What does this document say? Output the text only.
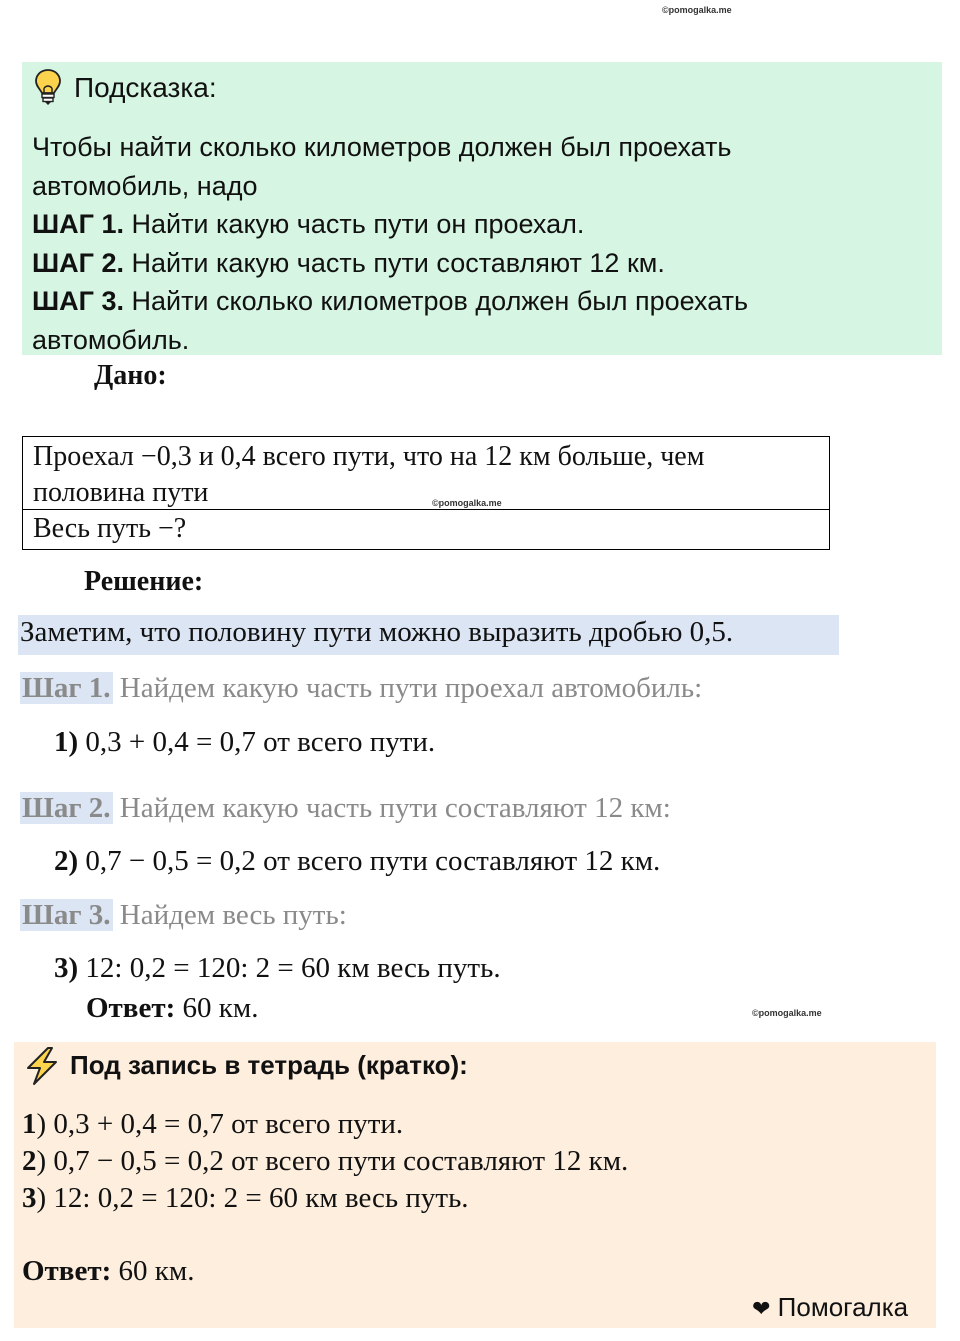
©pomogalka.me
Подсказка:
Чтобы найти сколько километров должен был проехать
автомобиль, надо
ШАГ 1. Найти какую часть пути он проехал.
ШАГ 2. Найти какую часть пути составляют 12 км.
ШАГ 3. Найти сколько километров должен был проехать
автомобиль.
Дано:
Проехал −0,3 и 0,4 всего пути, что на 12 км больше, чем
половина пути
Весь путь −?
©pomogalka.me
Решение:
Заметим, что половину пути можно выразить дробью 0,5.
Шаг 1. Найдем какую часть пути проехал автомобиль:
1) 0,3 + 0,4 = 0,7 от всего пути.
Шаг 2. Найдем какую часть пути составляют 12 км:
2) 0,7 − 0,5 = 0,2 от всего пути составляют 12 км.
Шаг 3. Найдем весь путь:
3) 12: 0,2 = 120: 2 = 60 км весь путь.
Ответ: 60 км.	©pomogalka.me
Под запись в тетрадь (кратко):
1) 0,3 + 0,4 = 0,7 от всего пути.
2) 0,7 − 0,5 = 0,2 от всего пути составляют 12 км.
3) 12: 0,2 = 120: 2 = 60 км весь путь.
Ответ: 60 км.
❤ Помогалка
